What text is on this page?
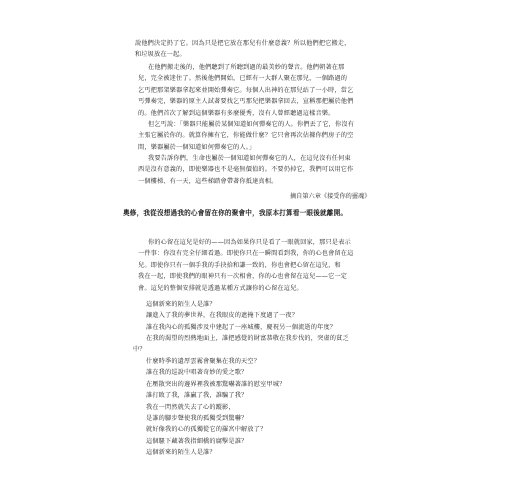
說他們決定扔了它。因為只是把它放在那兒有什麼意義？所以他們把它搬走，
和垃圾放在一起。
在他們搬走後的，他們聽到了所聽到過的最美妙的聲音。他們朝著在那
兒，完全被迷住了。然後他們開始，已經有一大群人聚在那兒，一個路過的
乞丐把那架樂器拿起來並開始彈奏它。每個人出神的在那兒站了一小時，當乞
丐彈奏完，樂器的原主人試著要找乞丐那兒把樂器拿回去，宣稱那把屬於他們
的。他們首次了解到這個樂器有多麼優秀，沒有人曾經聽過這樣音樂。
但乞丐說：「樂器只能屬於某個知道如何彈奏它的人。你們丟了它，你沒有
主張它屬於你的。就算你擁有它，你能做什麼？它只會再次佔據你們房子的空
間，樂器屬於一個知道如何彈奏它的人。」
我要告訴你們，生命也屬於一個知道如何彈奏它的人，在這兒沒有任何東
西是沒有意義的，即使樂器也不是毫無價值的。不要仍掉它，我們可以用它作
一個樓梯、有一天，這些梯踏會帶著你抵達真相。
摘自第六章《接受你的靈魂》
奧修，我從沒想過我的心會留在你的聚會中，我原本打算看一眼後就離開。
你的心留在這兒是好的——因為如果你只是看了一眼就回家，那只是表示
一件事：你沒有完全仔細看過。即使你只在一瞬間看到我，你的心也會留在這
兒。即使你只有一個手我的手抉拾和謙一致的，你也會把心留在這兒，和
我在一起，即使我們的眼神只有一次相會，你的心也會留在這兒——它一定
會。這兒的整個安排就是透過某種方式讓你的心留在這兒。
這個新來的陌生人是誰？
讓進入了我的夢世界，在我眼皮的遮掩下度過了一夜？
誰在我內心的孤獨涉及中建起了一座城樓，慶祝另一個流逝的年度？
在我的渴望的烈熱地面上，誰把感覺的財富恭敬在我步伐的，突虛的貧乏
中？
什麼時季的遺厚雲霧會聚集在我的天空？
誰在我的巡說中唱著奇妙的愛之歌？
在壓散突出的邊界裡我被那驚嚇著誰的慰室甲城？
誰打敗了我，誰贏了我，誰騙了我？
我在一閃然就失去了心的蹤影，
是誰的腳步聲使我的孤獨受到驚嚇？
就好像我的心的孤獨從它的羅宮中解放了？
這個騷下藏著我指細橋的腐擊是誰？
這個新來的陌生人是誰？
